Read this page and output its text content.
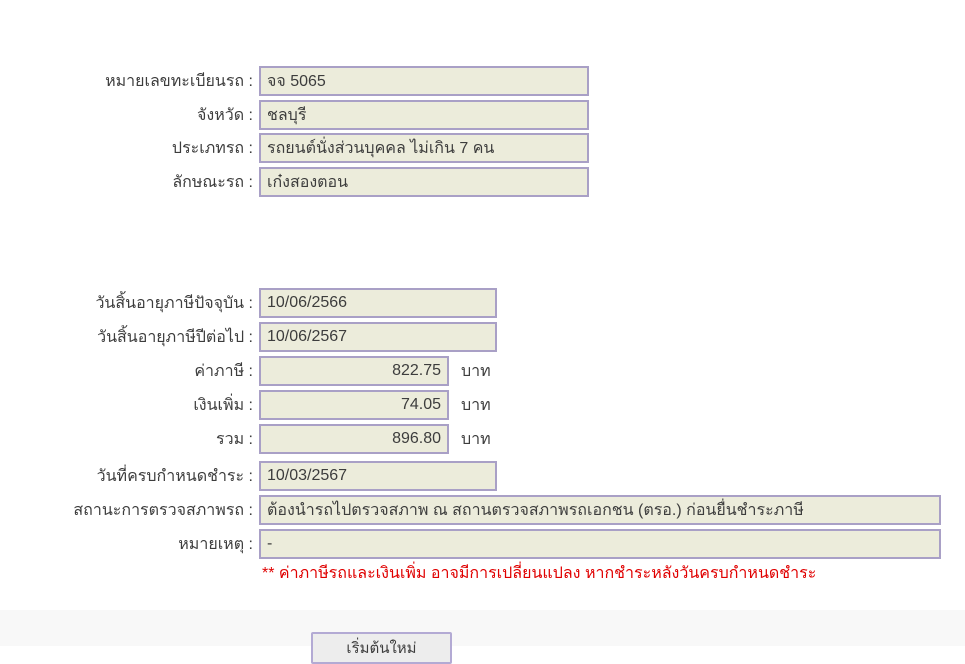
หมายเลขทะเบียนรถ :
จจ 5065
จังหวัด :
ชลบุรี
ประเภทรถ :
รถยนต์นั่งส่วนบุคคล ไม่เกิน 7 คน
ลักษณะรถ :
เก๋งสองตอน
วันสิ้นอายุภาษีปัจจุบัน :
10/06/2566
วันสิ้นอายุภาษีปีต่อไป :
10/06/2567
ค่าภาษี :
822.75	บาท
เงินเพิ่ม :
74.05	บาท
รวม :
896.80	บาท
วันที่ครบกำหนดชำระ :
10/03/2567
สถานะการตรวจสภาพรถ :
ต้องนำรถไปตรวจสภาพ ณ สถานตรวจสภาพรถเอกชน (ตรอ.) ก่อนยื่นชำระภาษี
หมายเหตุ :
-
** ค่าภาษีรถและเงินเพิ่ม อาจมีการเปลี่ยนแปลง หากชำระหลังวันครบกำหนดชำระ
เริ่มต้นใหม่
